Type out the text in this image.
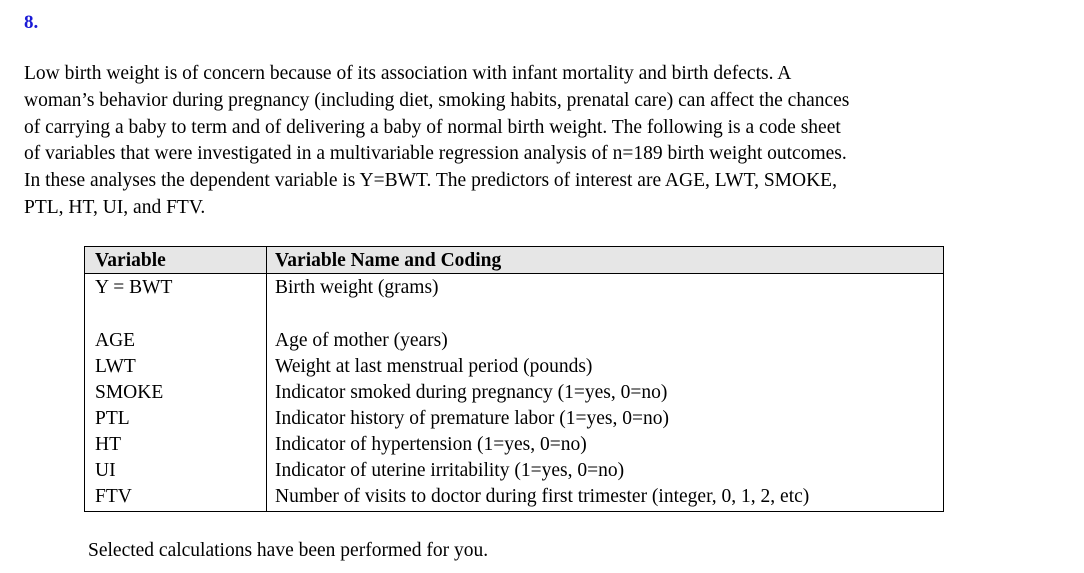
8.

Low birth weight is of concern because of its association with infant mortality and birth defects. A
woman’s behavior during pregnancy (including diet, smoking habits, prenatal care) can affect the chances
of carrying a baby to term and of delivering a baby of normal birth weight. The following is a code sheet
of variables that were investigated in a multivariable regression analysis of n=189 birth weight outcomes.
In these analyses the dependent variable is Y=BWT. The predictors of interest are AGE, LWT, SMOKE,
PTL, HT, UI, and FTV.

Variable	Variable Name and Coding
Y = BWT	Birth weight (grams)
AGE	Age of mother (years)
LWT	Weight at last menstrual period (pounds)
SMOKE	Indicator smoked during pregnancy (1=yes, 0=no)
PTL	Indicator history of premature labor (1=yes, 0=no)
HT	Indicator of hypertension (1=yes, 0=no)
UI	Indicator of uterine irritability (1=yes, 0=no)
FTV	Number of visits to doctor during first trimester (integer, 0, 1, 2, etc)
Selected calculations have been performed for you.
